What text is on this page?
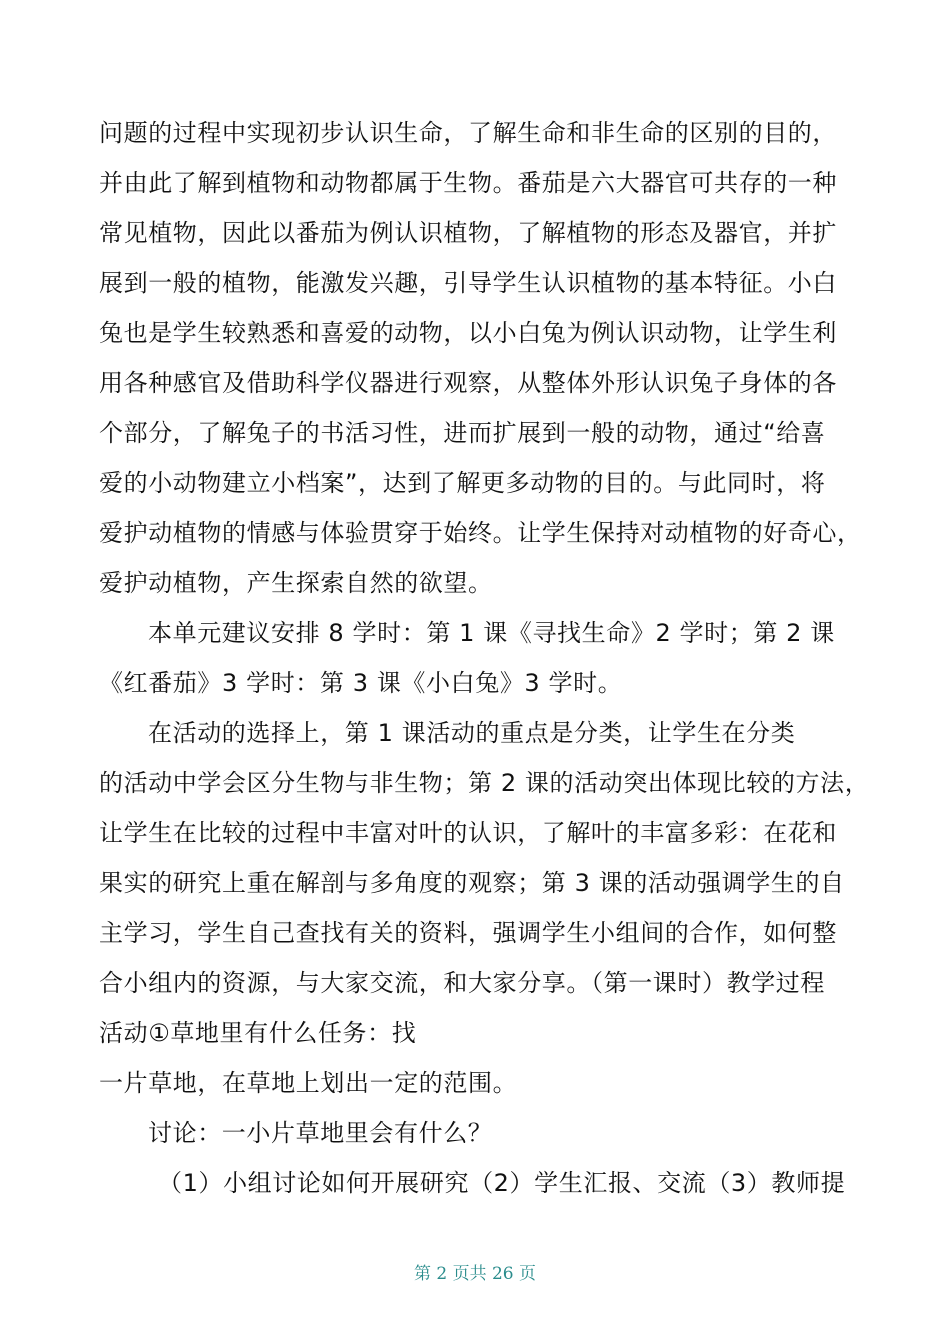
问题的过程中实现初步认识生命，了解生命和非生命的区别的目的，
并由此了解到植物和动物都属于生物。番茄是六大器官可共存的一种
常见植物，因此以番茄为例认识植物，了解植物的形态及器官，并扩
展到一般的植物，能激发兴趣，引导学生认识植物的基本特征。小白
兔也是学生较熟悉和喜爱的动物，以小白兔为例认识动物，让学生利
用各种感官及借助科学仪器进行观察，从整体外形认识兔子身体的各
个部分，了解兔子的书活习性，进而扩展到一般的动物，通过“给喜
爱的小动物建立小档案”，达到了解更多动物的目的。与此同时，将
爱护动植物的情感与体验贯穿于始终。让学生保持对动植物的好奇心，
爱护动植物，产生探索自然的欲望。
本单元建议安排 8 学时：第 1 课《寻找生命》2 学时；第 2 课
《红番茄》3 学时：第 3 课《小白兔》3 学时。
在活动的选择上，第 1 课活动的重点是分类，让学生在分类
的活动中学会区分生物与非生物；第 2 课的活动突出体现比较的方法，
让学生在比较的过程中丰富对叶的认识，了解叶的丰富多彩：在花和
果实的研究上重在解剖与多角度的观察；第 3 课的活动强调学生的自
主学习，学生自己查找有关的资料，强调学生小组间的合作，如何整
合小组内的资源，与大家交流，和大家分享。（第一课时）教学过程
活动①草地里有什么任务：找
一片草地，在草地上划出一定的范围。
讨论：一小片草地里会有什么？
（1）小组讨论如何开展研究（2）学生汇报、交流（3）教师提
第 2 页共 26 页
